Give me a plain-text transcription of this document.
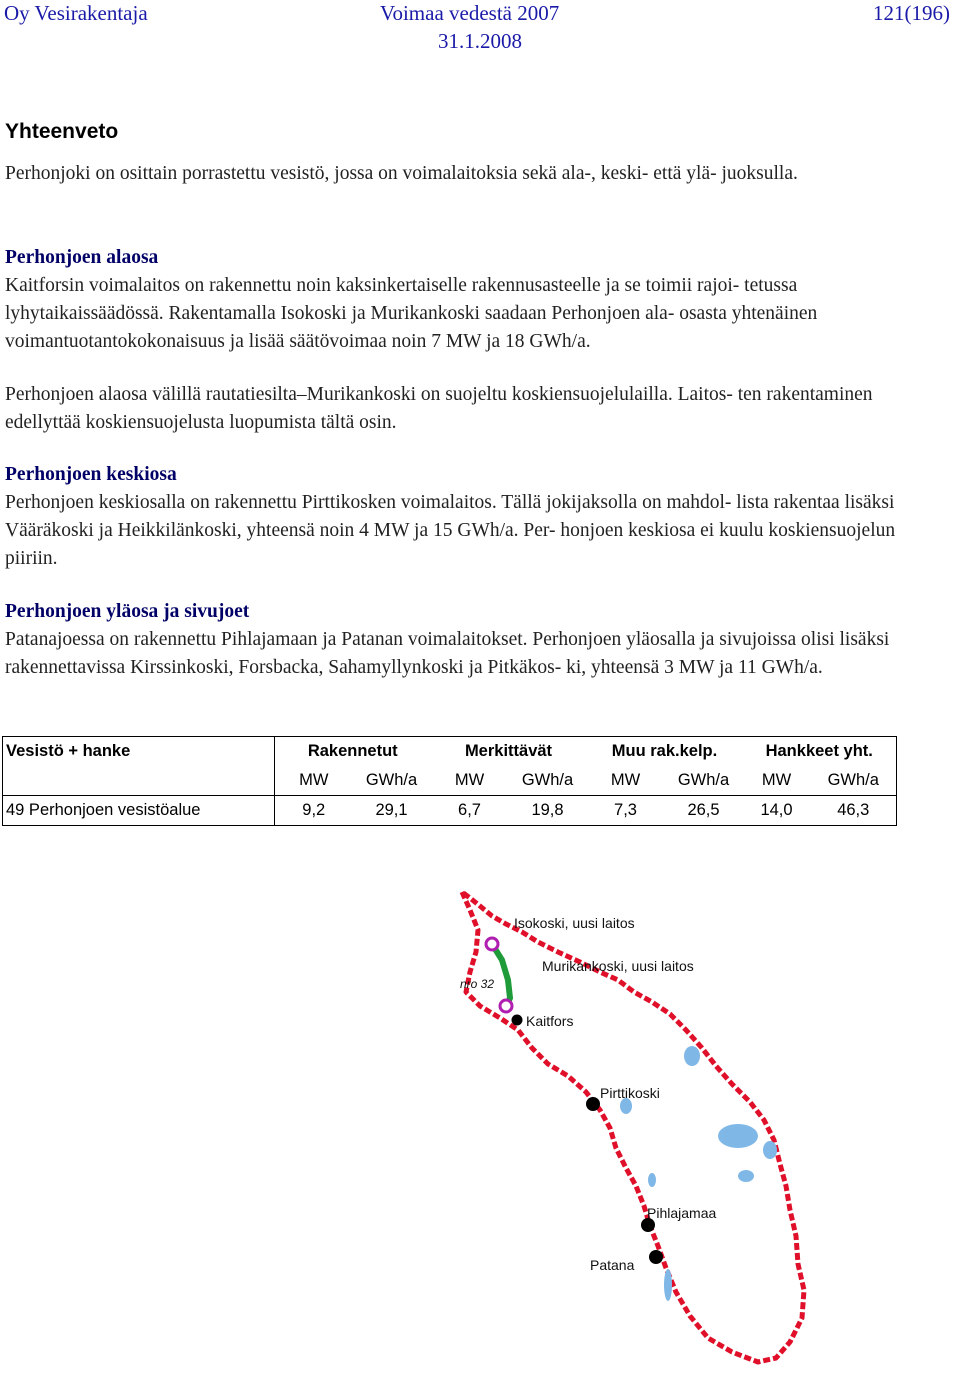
Oy Vesirakentaja	Voimaa vedestä 2007	121(196)
31.1.2008
Yhteenveto

Perhonjoki on osittain porrastettu vesistö, jossa on voimalaitoksia sekä ala-, keski- että ylä- juoksulla.

Perhonjoen alaosa

Kaitforsin voimalaitos on rakennettu noin kaksinkertaiselle rakennusasteelle ja se toimii rajoi- tetussa lyhytaikaissäädössä. Rakentamalla Isokoski ja Murikankoski saadaan Perhonjoen ala- osasta yhtenäinen voimantuotantokokonaisuus ja lisää säätövoimaa noin 7 MW ja 18 GWh/a.

Perhonjoen alaosa välillä rautatiesilta–Murikankoski on suojeltu koskiensuojelulailla. Laitos- ten rakentaminen edellyttää koskiensuojelusta luopumista tältä osin.

Perhonjoen keskiosa

Perhonjoen keskiosalla on rakennettu Pirttikosken voimalaitos. Tällä jokijaksolla on mahdol- lista rakentaa lisäksi Vääräkoski ja Heikkilänkoski, yhteensä noin 4 MW ja 15 GWh/a. Per- honjoen keskiosa ei kuulu koskiensuojelun piiriin.

Perhonjoen yläosa ja sivujoet

Patanajoessa on rakennettu Pihlajamaan ja Patanan voimalaitokset. Perhonjoen yläosalla ja sivujoissa olisi lisäksi rakennettavissa Kirssinkoski, Forsbacka, Sahamyllynkoski ja Pitkäkos- ki, yhteensä 3 MW ja 11 GWh/a.

Vesistö + hanke	Rakennetut		Merkittävät		Muu rak.kelp.		Hankkeet yht.	
	MW	GWh/a	MW	GWh/a	MW	GWh/a	MW	GWh/a
49 Perhonjoen vesistöalue	9,2	29,1	6,7	19,8	7,3	26,5	14,0	46,3
Isokoski, uusi laitos
Murikankoski, uusi laitos
nro 32
Kaitfors
Pirttikoski
Pihlajamaa
Patana
